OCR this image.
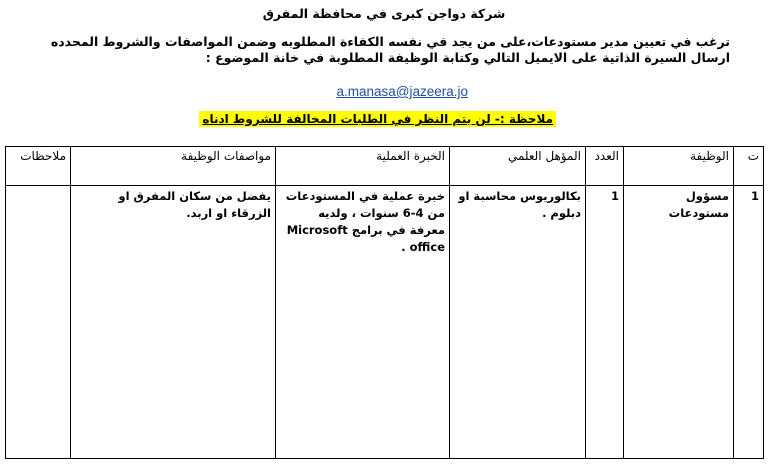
شركة دواجن كبرى في محافظة المفرق
ترغب في تعيين مدير مستودعات،على من يجد في نفسه الكفاءة المطلوبه وضمن المواصفات والشروط المحدده ارسال السيرة الذاتية على الايميل التالي وكتابة الوظيفة المطلوبة في خانة الموضوع :
a.manasa@jazeera.jo
ملاحظة :- لن يتم النظر في الطلبات المخالفة للشروط ادناه
ت	الوظيفة	العدد	المؤهل العلمي	الخبرة العملية	مواصفات الوظيفة	ملاحظات
1	مسؤول مستودعات	1	بكالوريوس محاسبة او دبلوم .	خبرة عملية في المستودعات من 4-6 سنوات ، ولديه معرفة في برامج Microsoft office .	يفضل من سكان المفرق او الزرقاء او اربد.	
